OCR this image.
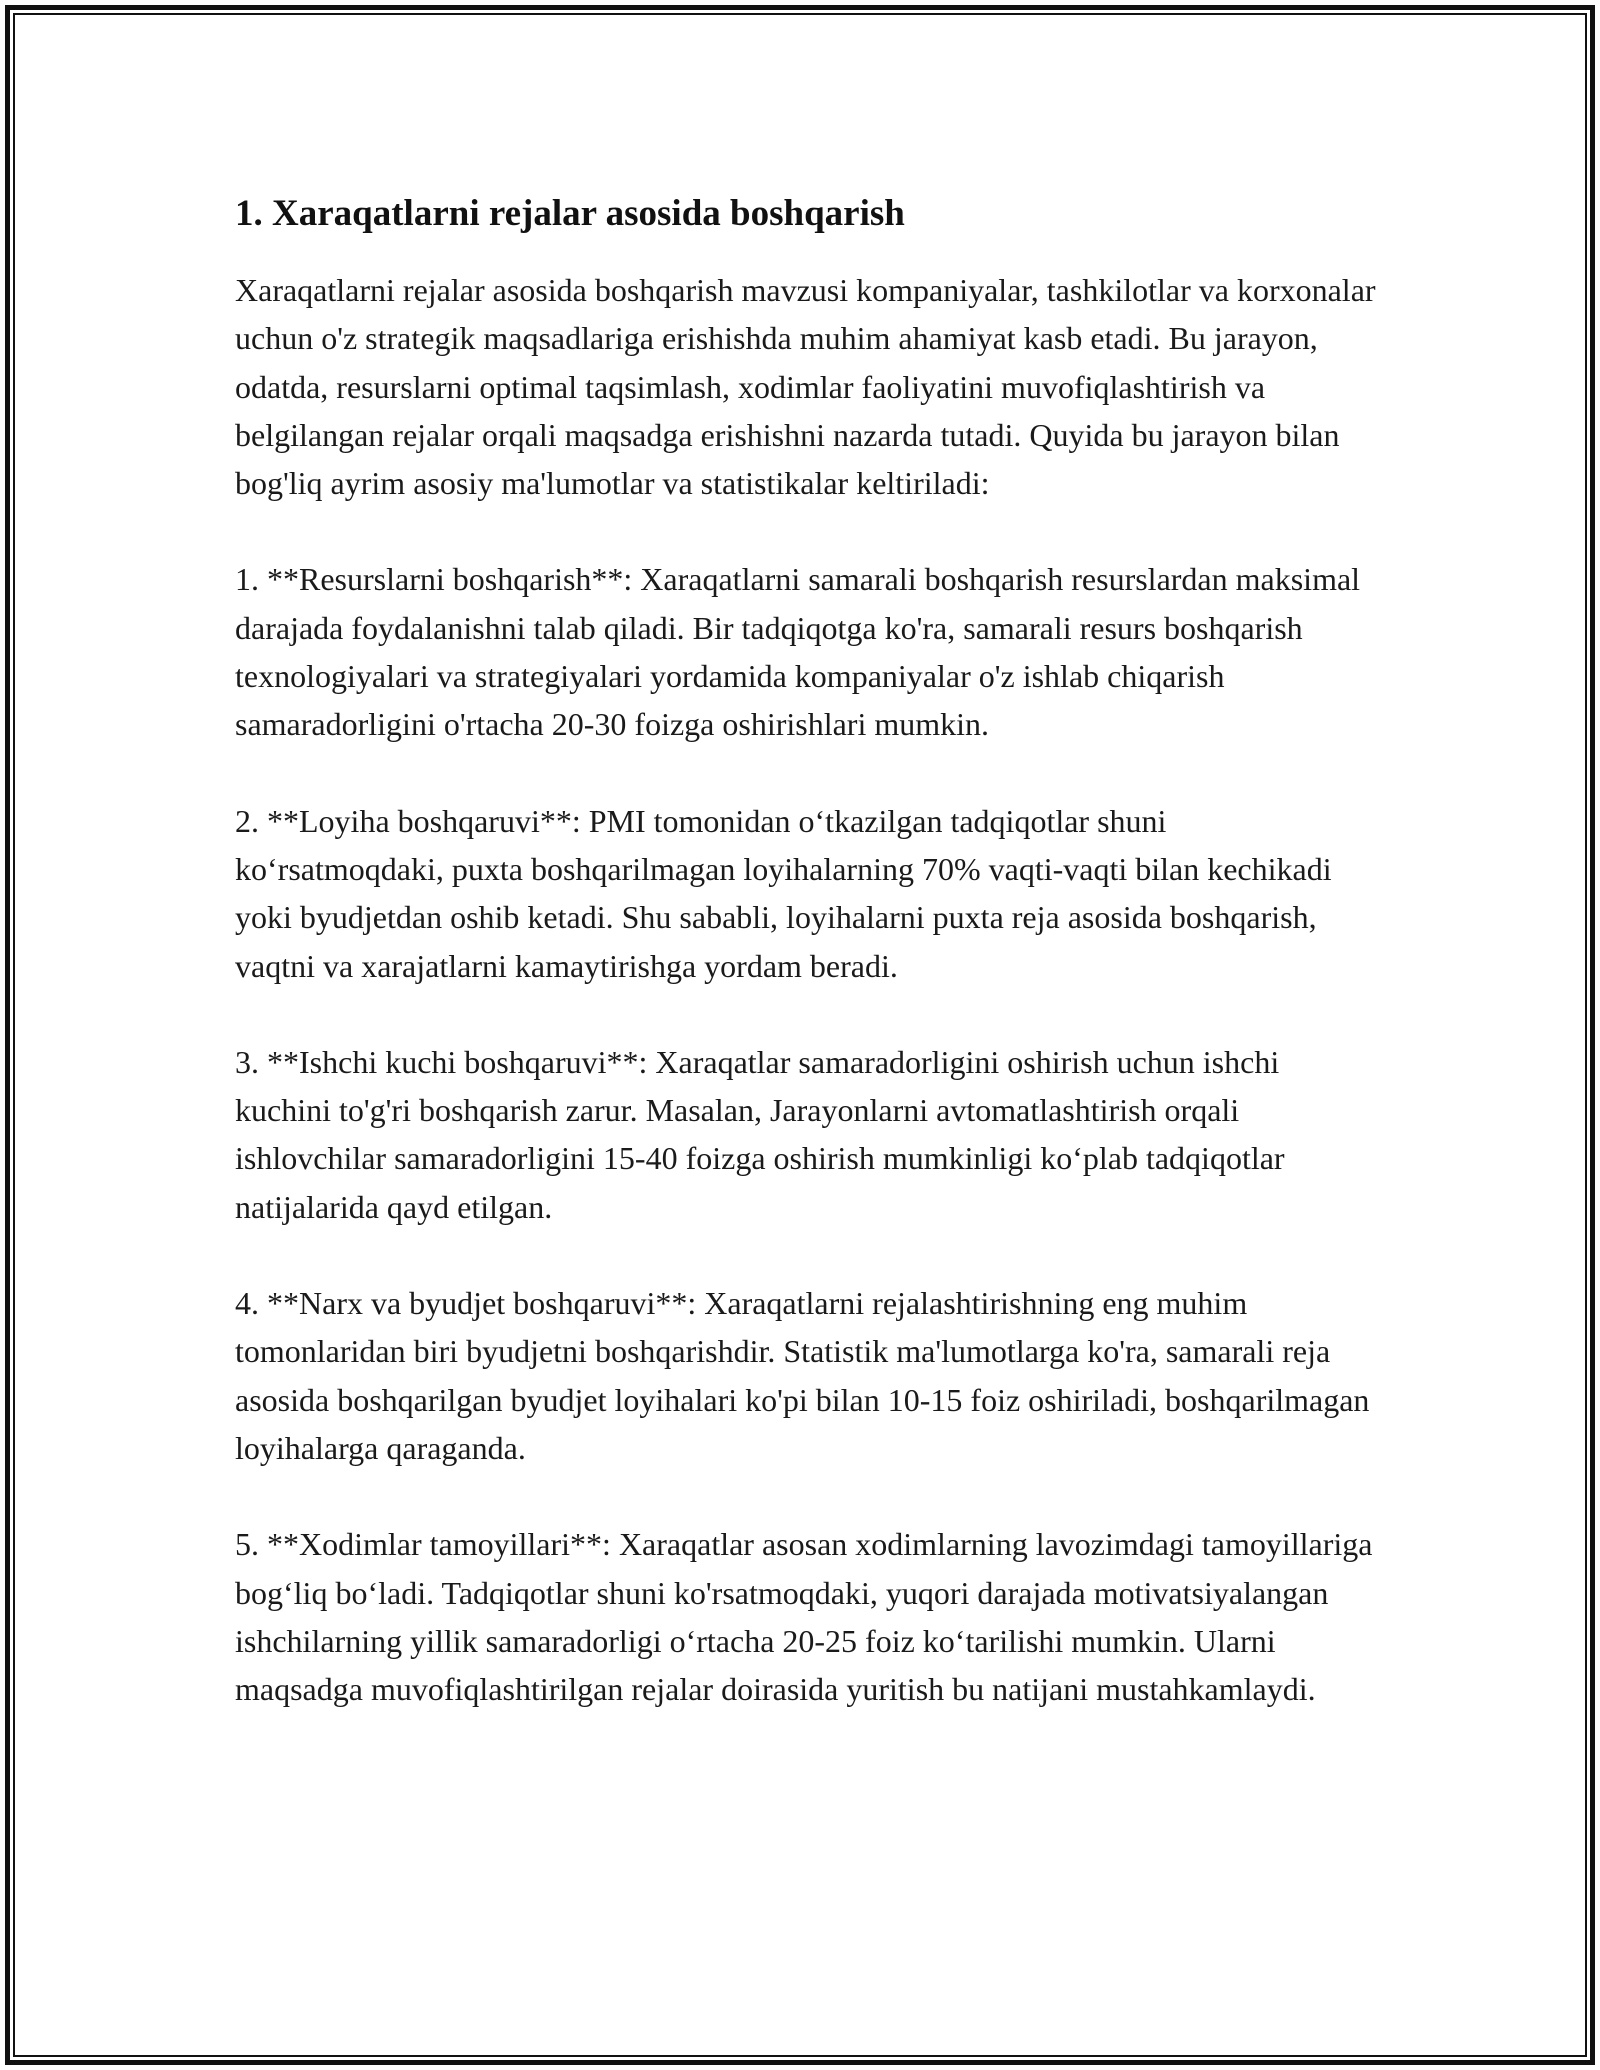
1. Xaraqatlarni rejalar asosida boshqarish

Xaraqatlarni rejalar asosida boshqarish mavzusi kompaniyalar, tashkilotlar va korxonalar uchun o'z strategik maqsadlariga erishishda muhim ahamiyat kasb etadi. Bu jarayon, odatda, resurslarni optimal taqsimlash, xodimlar faoliyatini muvofiqlashtirish va belgilangan rejalar orqali maqsadga erishishni nazarda tutadi. Quyida bu jarayon bilan bog'liq ayrim asosiy ma'lumotlar va statistikalar keltiriladi:

1. **Resurslarni boshqarish**: Xaraqatlarni samarali boshqarish resurslardan maksimal darajada foydalanishni talab qiladi. Bir tadqiqotga ko'ra, samarali resurs boshqarish texnologiyalari va strategiyalari yordamida kompaniyalar o'z ishlab chiqarish samaradorligini o'rtacha 20-30 foizga oshirishlari mumkin.

2. **Loyiha boshqaruvi**: PMI tomonidan o‘tkazilgan tadqiqotlar shuni ko‘rsatmoqdaki, puxta boshqarilmagan loyihalarning 70% vaqti-vaqti bilan kechikadi yoki byudjetdan oshib ketadi. Shu sababli, loyihalarni puxta reja asosida boshqarish, vaqtni va xarajatlarni kamaytirishga yordam beradi.

3. **Ishchi kuchi boshqaruvi**: Xaraqatlar samaradorligini oshirish uchun ishchi kuchini to'g'ri boshqarish zarur. Masalan, Jarayonlarni avtomatlashtirish orqali ishlovchilar samaradorligini 15-40 foizga oshirish mumkinligi ko‘plab tadqiqotlar natijalarida qayd etilgan.

4. **Narx va byudjet boshqaruvi**: Xaraqatlarni rejalashtirishning eng muhim tomonlaridan biri byudjetni boshqarishdir. Statistik ma'lumotlarga ko'ra, samarali reja asosida boshqarilgan byudjet loyihalari ko'pi bilan 10-15 foiz oshiriladi, boshqarilmagan loyihalarga qaraganda.

5. **Xodimlar tamoyillari**: Xaraqatlar asosan xodimlarning lavozimdagi tamoyillariga bog‘liq bo‘ladi. Tadqiqotlar shuni ko'rsatmoqdaki, yuqori darajada motivatsiyalangan ishchilarning yillik samaradorligi o‘rtacha 20-25 foiz ko‘tarilishi mumkin. Ularni maqsadga muvofiqlashtirilgan rejalar doirasida yuritish bu natijani mustahkamlaydi.
